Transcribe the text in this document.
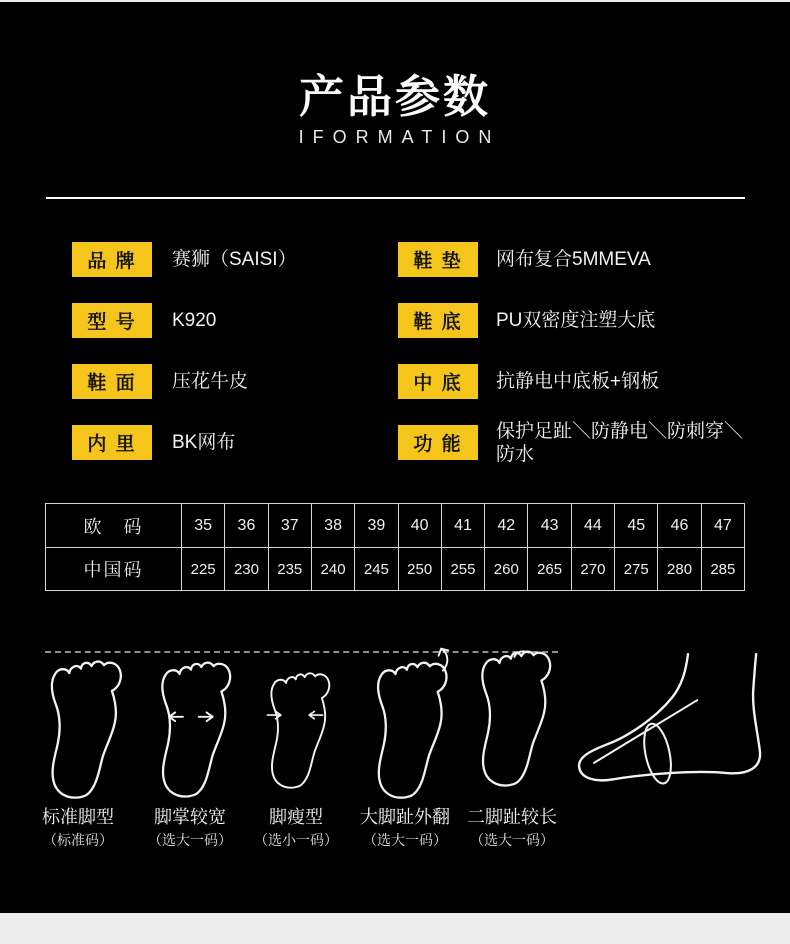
产品参数
IFORMATION
品 牌	赛狮（SAISI）
型 号	K920
鞋 面	压花牛皮
内 里	BK网布
鞋 垫	网布复合5MMEVA
鞋 底	PU双密度注塑大底
中 底	抗静电中底板+钢板
功 能
保护足趾＼防静电＼防刺穿＼防水
欧　码	35	36	37	38	39	40	41	42	43	44	45	46	47
中国码	225	230	235	240	245	250	255	260	265	270	275	280	285
标准脚型
（标准码）
脚掌较宽
（选大一码）
脚瘦型
（选小一码）
大脚趾外翻
（选大一码）
二脚趾较长
（选大一码）
